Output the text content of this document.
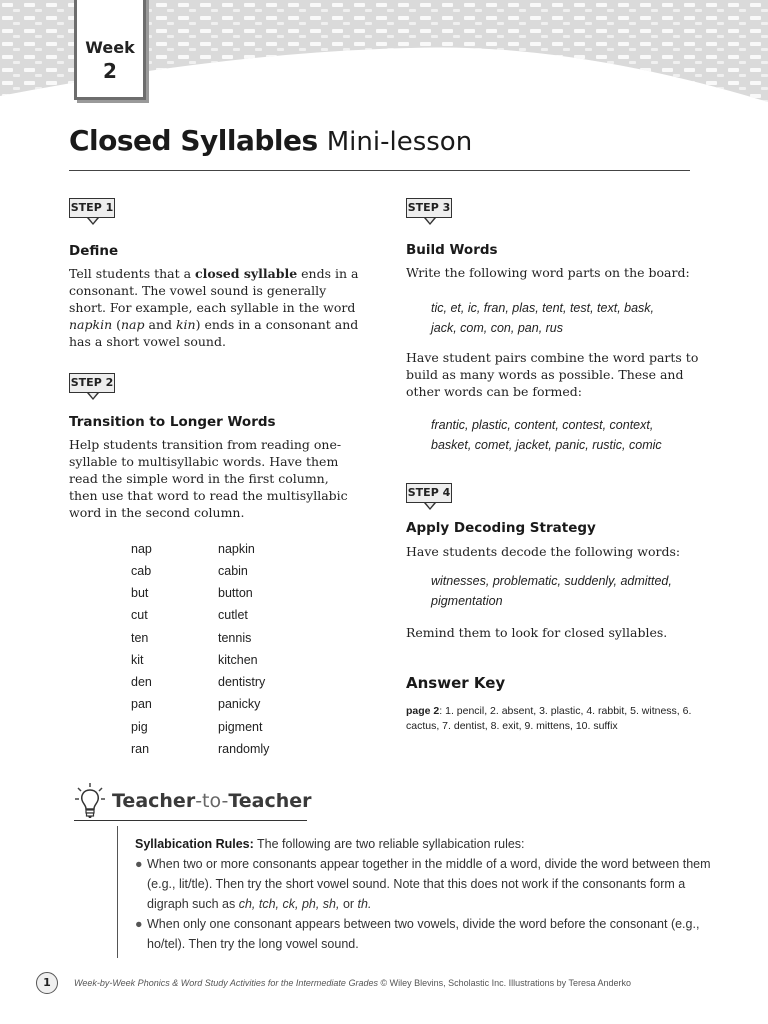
Week
2
Closed Syllables Mini-lesson
STEP 1
Define
Tell students that a closed syllable ends in a consonant. The vowel sound is generally short. For example, each syllable in the word napkin (nap and kin) ends in a consonant and has a short vowel sound.
STEP 2
Transition to Longer Words
Help students transition from reading one-syllable to multisyllabic words. Have them read the simple word in the first column, then use that word to read the multisyllabic word in the second column.
nap	napkin
cab	cabin
but	button
cut	cutlet
ten	tennis
kit	kitchen
den	dentistry
pan	panicky
pig	pigment
ran	randomly
STEP 3
Build Words
Write the following word parts on the board:
tic, et, ic, fran, plas, tent, test, text, bask,
jack, com, con, pan, rus
Have student pairs combine the word parts to build as many words as possible. These and other words can be formed:
frantic, plastic, content, contest, context,
basket, comet, jacket, panic, rustic, comic
STEP 4
Apply Decoding Strategy
Have students decode the following words:
witnesses, problematic, suddenly, admitted,
pigmentation
Remind them to look for closed syllables.
Answer Key
page 2: 1. pencil, 2. absent, 3. plastic, 4. rabbit, 5. witness, 6. cactus, 7. dentist, 8. exit, 9. mittens, 10. suffix
Teacher-to-Teacher
Syllabication Rules: The following are two reliable syllabication rules:
● When two or more consonants appear together in the middle of a word, divide the word between them (e.g., lit/tle). Then try the short vowel sound. Note that this does not work if the consonants form a digraph such as ch, tch, ck, ph, sh, or th.
● When only one consonant appears between two vowels, divide the word before the consonant (e.g., ho/tel). Then try the long vowel sound.
1	Week-by-Week Phonics & Word Study Activities for the Intermediate Grades © Wiley Blevins, Scholastic Inc. Illustrations by Teresa Anderko
